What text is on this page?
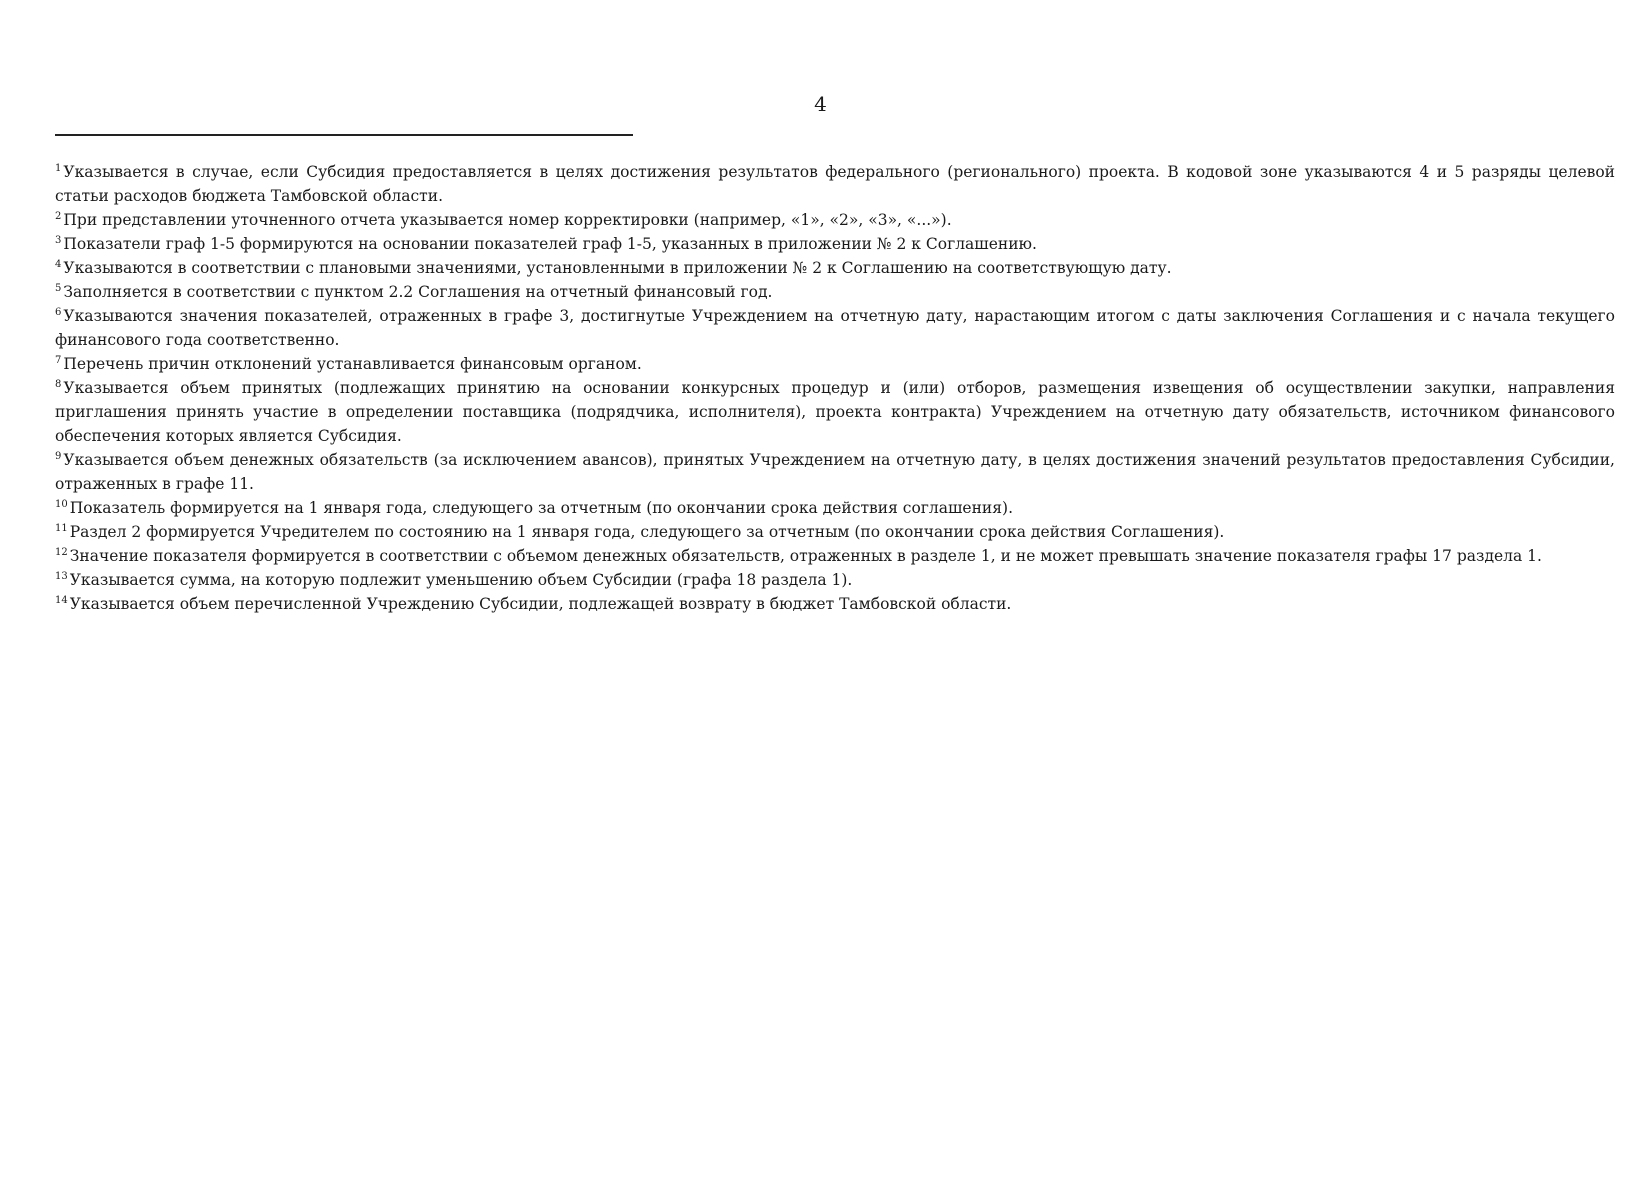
4

$^1$ Указывается в случае, если Субсидия предоставляется в целях достижения результатов федерального (регионального) проекта. В кодовой зоне указываются 4 и 5 разряды целевой статьи расходов бюджета Тамбовской области.

$^2$ При представлении уточненного отчета указывается номер корректировки (например, «1», «2», «3», «...»).

$^3$ Показатели граф 1-5 формируются на основании показателей граф 1-5, указанных в приложении № 2 к Соглашению.

$^4$ Указываются в соответствии с плановыми значениями, установленными в приложении № 2 к Соглашению на соответствующую дату.

$^5$ Заполняется в соответствии с пунктом 2.2 Соглашения на отчетный финансовый год.

$^6$ Указываются значения показателей, отраженных в графе 3, достигнутые Учреждением на отчетную дату, нарастающим итогом с даты заключения Соглашения и с начала текущего финансового года соответственно.

$^7$ Перечень причин отклонений устанавливается финансовым органом.

$^8$ Указывается объем принятых (подлежащих принятию на основании конкурсных процедур и (или) отборов, размещения извещения об осуществлении закупки, направления приглашения принять участие в определении поставщика (подрядчика, исполнителя), проекта контракта) Учреждением на отчетную дату обязательств, источником финансового обеспечения которых является Субсидия.

$^9$ Указывается объем денежных обязательств (за исключением авансов), принятых Учреждением на отчетную дату, в целях достижения значений результатов предоставления Субсидии, отраженных в графе 11.

$^{10}$ Показатель формируется на 1 января года, следующего за отчетным (по окончании срока действия соглашения).

$^{11}$ Раздел 2 формируется Учредителем по состоянию на 1 января года, следующего за отчетным (по окончании срока действия Соглашения).

$^{12}$ Значение показателя формируется в соответствии с объемом денежных обязательств, отраженных в разделе 1, и не может превышать значение показателя графы 17 раздела 1.

$^{13}$ Указывается сумма, на которую подлежит уменьшению объем Субсидии (графа 18 раздела 1).

$^{14}$ Указывается объем перечисленной Учреждению Субсидии, подлежащей возврату в бюджет Тамбовской области.
